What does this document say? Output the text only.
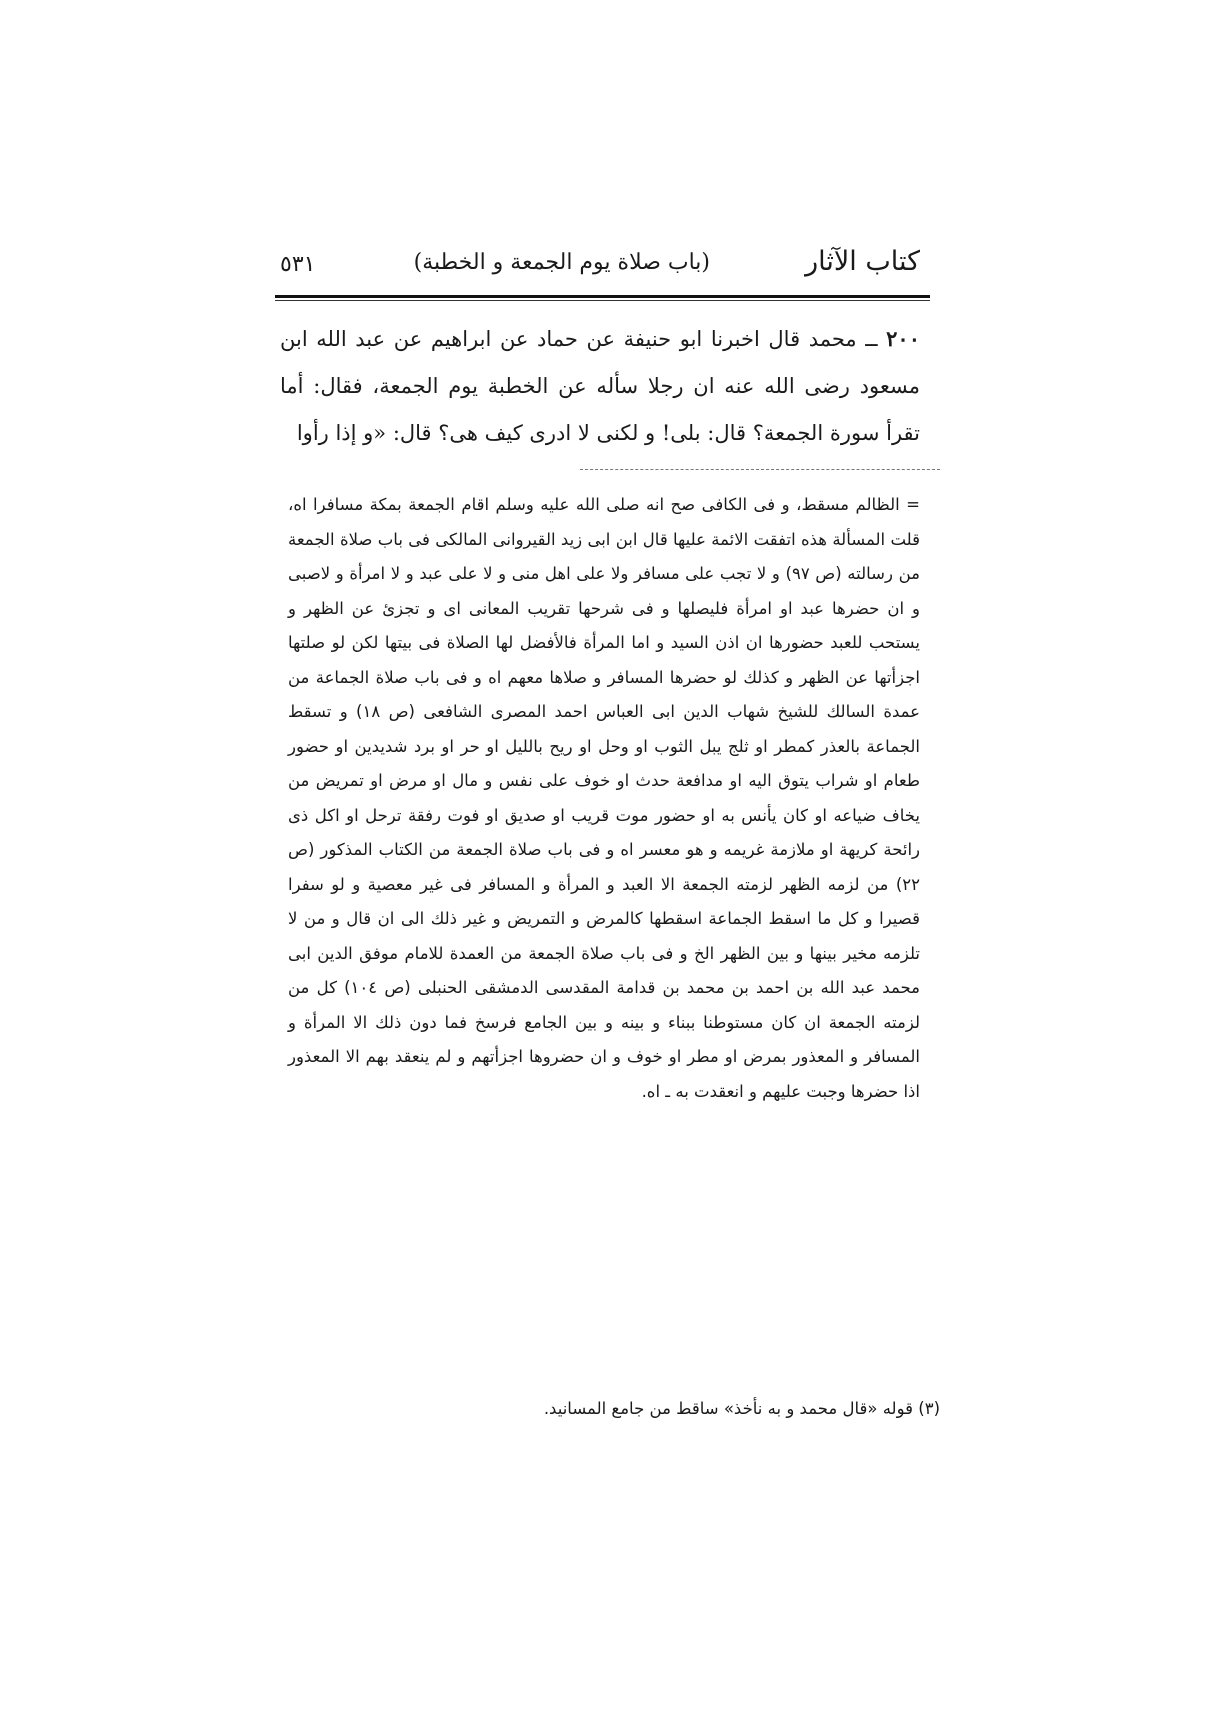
كتاب الآثار
(باب صلاة يوم الجمعة و الخطبة)
٥٣١

٢٠٠ ــ محمد قال اخبرنا ابو حنيفة عن حماد عن ابراهيم عن عبد الله ابن مسعود رضى الله عنه ان رجلا سأله عن الخطبة يوم الجمعة، فقال: أما تقرأ سورة الجمعة؟ قال: بلى! و لكنى لا ادرى كيف هى؟ قال: «و إذا رأوا

= الظالم مسقط، و فى الكافى صح انه صلى الله عليه وسلم اقام الجمعة بمكة مسافرا اه، قلت المسألة هذه اتفقت الائمة عليها قال ابن ابى زيد القيروانى المالكى فى باب صلاة الجمعة من رسالته (ص ٩٧) و لا تجب على مسافر ولا على اهل منى و لا على عبد و لا امرأة و لاصبى و ان حضرها عبد او امرأة فليصلها و فى شرحها تقريب المعانى اى و تجزئ عن الظهر و يستحب للعبد حضورها ان اذن السيد و اما المرأة فالأفضل لها الصلاة فى بيتها لكن لو صلتها اجزأتها عن الظهر و كذلك لو حضرها المسافر و صلاها معهم اه و فى باب صلاة الجماعة من عمدة السالك للشيخ شهاب الدين ابى العباس احمد المصرى الشافعى (ص ١٨) و تسقط الجماعة بالعذر كمطر او ثلج يبل الثوب او وحل او ريح بالليل او حر او برد شديدين او حضور طعام او شراب يتوق اليه او مدافعة حدث او خوف على نفس و مال او مرض او تمريض من يخاف ضياعه او كان يأنس به او حضور موت قريب او صديق او فوت رفقة ترحل او اكل ذى رائحة كريهة او ملازمة غريمه و هو معسر اه و فى باب صلاة الجمعة من الكتاب المذكور (ص ٢٢) من لزمه الظهر لزمته الجمعة الا العبد و المرأة و المسافر فى غير معصية و لو سفرا قصيرا و كل ما اسقط الجماعة اسقطها كالمرض و التمريض و غير ذلك الى ان قال و من لا تلزمه مخير بينها و بين الظهر الخ و فى باب صلاة الجمعة من العمدة للامام موفق الدين ابى محمد عبد الله بن احمد بن محمد بن قدامة المقدسى الدمشقى الحنبلى (ص ١٠٤) كل من لزمته الجمعة ان كان مستوطنا ببناء و بينه و بين الجامع فرسخ فما دون ذلك الا المرأة و المسافر و المعذور بمرض او مطر او خوف و ان حضروها اجزأتهم و لم ينعقد بهم الا المعذور اذا حضرها وجبت عليهم و انعقدت به ـ اه.

(٣) قوله «قال محمد و به نأخذ» ساقط من جامع المسانيد.
